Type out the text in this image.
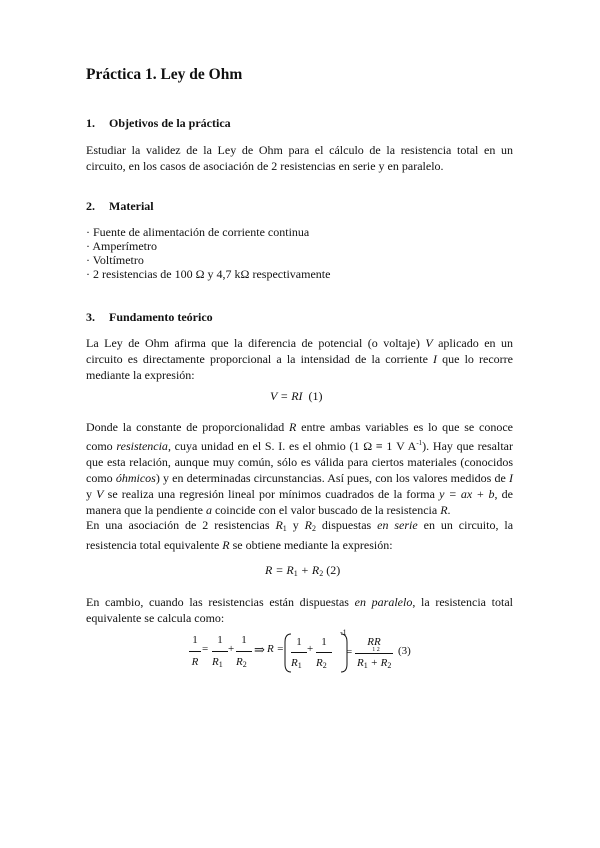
Práctica 1. Ley de Ohm

1. Objetivos de la práctica

Estudiar la validez de la Ley de Ohm para el cálculo de la resistencia total en un circuito, en los casos de asociación de 2 resistencias en serie y en paralelo.

2. Material

· Fuente de alimentación de corriente continua
· Amperímetro
· Voltímetro
· 2 resistencias de 100 Ω y 4,7 kΩ respectivamente

3. Fundamento teórico

La Ley de Ohm afirma que la diferencia de potencial (o voltaje) V aplicado en un circuito es directamente proporcional a la intensidad de la corriente I que lo recorre mediante la expresión:

V = RI (1)

Donde la constante de proporcionalidad R entre ambas variables es lo que se conoce como resistencia, cuya unidad en el S. I. es el ohmio (1 Ω ≡ 1 V $A^{-1}$). Hay que resaltar que esta relación, aunque muy común, sólo es válida para ciertos materiales (conocidos como óhmicos) y en determinadas circunstancias. Así pues, con los valores medidos de I y V se realiza una regresión lineal por mínimos cuadrados de la forma y = ax + b, de manera que la pendiente a coincide con el valor buscado de la resistencia R.

En una asociación de 2 resistencias $R_1$ y $R_2$ dispuestas en serie en un circuito, la resistencia total equivalente R se obtiene mediante la expresión:

$R = R_1 + R_2$ (2)

En cambio, cuando las resistencias están dispuestas en paralelo, la resistencia total equivalente se calcula como:

1
R
=
1
$R_1$
+
1
$R_2$
⇒ R =
1
$R_1$
+
1
$R_2$
-1
=
RR
1 2
$R_1 + R_2$
(3)
